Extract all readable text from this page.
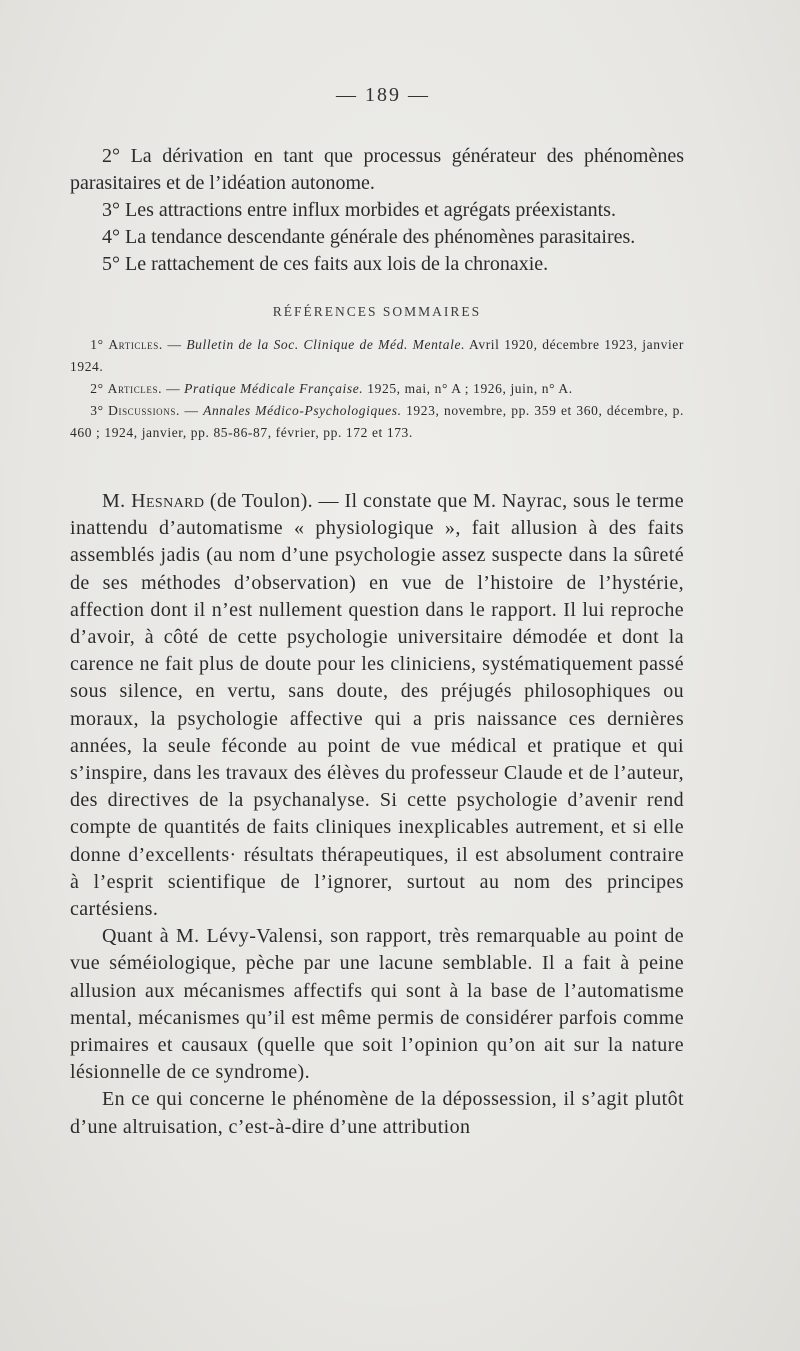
— 189 —

2° La dérivation en tant que processus générateur des phénomènes parasitaires et de l’idéation autonome.

3° Les attractions entre influx morbides et agrégats préexistants.

4° La tendance descendante générale des phénomènes parasitaires.

5° Le rattachement de ces faits aux lois de la chronaxie.

RÉFÉRENCES SOMMAIRES

1° Articles. — Bulletin de la Soc. Clinique de Méd. Mentale. Avril 1920, décembre 1923, janvier 1924.

2° Articles. — Pratique Médicale Française. 1925, mai, n° A ; 1926, juin, n° A.

3° Discussions. — Annales Médico-Psychologiques. 1923, novembre, pp. 359 et 360, décembre, p. 460 ; 1924, janvier, pp. 85-86-87, février, pp. 172 et 173.

M. Hesnard (de Toulon). — Il constate que M. Nayrac, sous le terme inattendu d’automatisme « physiologique », fait allusion à des faits assemblés jadis (au nom d’une psychologie assez suspecte dans la sûreté de ses méthodes d’observation) en vue de l’histoire de l’hystérie, affection dont il n’est nullement question dans le rapport. Il lui reproche d’avoir, à côté de cette psychologie universitaire démodée et dont la carence ne fait plus de doute pour les cliniciens, systématiquement passé sous silence, en vertu, sans doute, des préjugés philosophiques ou moraux, la psychologie affective qui a pris naissance ces dernières années, la seule féconde au point de vue médical et pratique et qui s’inspire, dans les travaux des élèves du professeur Claude et de l’auteur, des directives de la psychanalyse. Si cette psychologie d’avenir rend compte de quantités de faits cliniques inexplicables autrement, et si elle donne d’excellents· résultats thérapeutiques, il est absolument contraire à l’esprit scientifique de l’ignorer, surtout au nom des principes cartésiens.

Quant à M. Lévy-Valensi, son rapport, très remarquable au point de vue séméiologique, pèche par une lacune semblable. Il a fait à peine allusion aux mécanismes affectifs qui sont à la base de l’automatisme mental, mécanismes qu’il est même permis de considérer parfois comme primaires et causaux (quelle que soit l’opinion qu’on ait sur la nature lésionnelle de ce syndrome).

En ce qui concerne le phénomène de la dépossession, il s’agit plutôt d’une altruisation, c’est-à-dire d’une attribution
